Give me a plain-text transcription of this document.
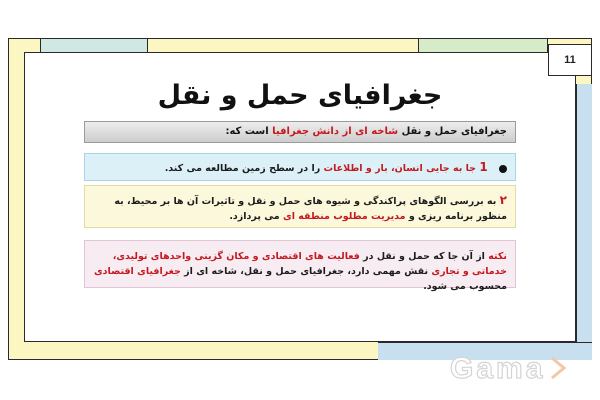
11
جغرافیای حمل و نقل
جغرافیای حمل و نقل شاخه ای از دانش جغرافیا است که:
1 جا به جایی انسان، بار و اطلاعات را در سطح زمین مطالعه می کند.
۲ به بررسی الگوهای پراکندگی و شیوه های حمل و نقل و تاثیرات آن ها بر محیط، به منظور برنامه ریزی و مدیریت مطلوب منطقه ای می پردازد.
نکته از آن جا که حمل و نقل در فعالیت های اقتصادی و مکان گزینی واحدهای تولیدی، خدماتی و تجاری نقش مهمی دارد، جغرافیای حمل و نقل، شاخه ای از جغرافیای اقتصادی محسوب می شود.
Gama
